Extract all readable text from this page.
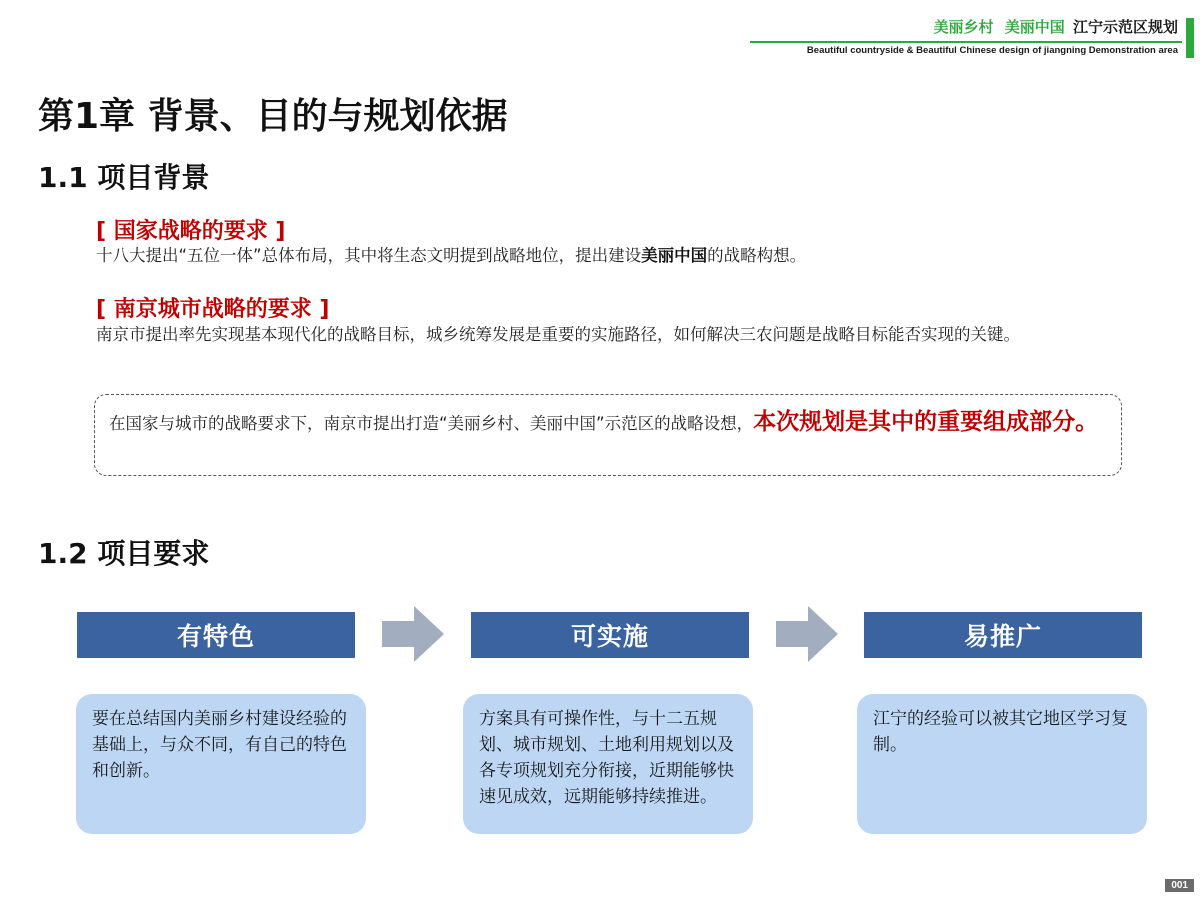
美丽乡村 美丽中国 江宁示范区规划
Beautiful countryside & Beautiful Chinese design of jiangning Demonstration area
第1章 背景、目的与规划依据
1.1 项目背景
[ 国家战略的要求 ]
十八大提出“五位一体”总体布局，其中将生态文明提到战略地位，提出建设美丽中国的战略构想。
[ 南京城市战略的要求 ]
南京市提出率先实现基本现代化的战略目标，城乡统筹发展是重要的实施路径，如何解决三农问题是战略目标能否实现的关键。
在国家与城市的战略要求下，南京市提出打造“美丽乡村、美丽中国”示范区的战略设想，本次规划是其中的重要组成部分。
1.2 项目要求
有特色	可实施	易推广
要在总结国内美丽乡村建设经验的基础上，与众不同，有自己的特色和创新。
方案具有可操作性，与十二五规划、城市规划、土地利用规划以及各专项规划充分衔接，近期能够快速见成效，远期能够持续推进。
江宁的经验可以被其它地区学习复制。
001
